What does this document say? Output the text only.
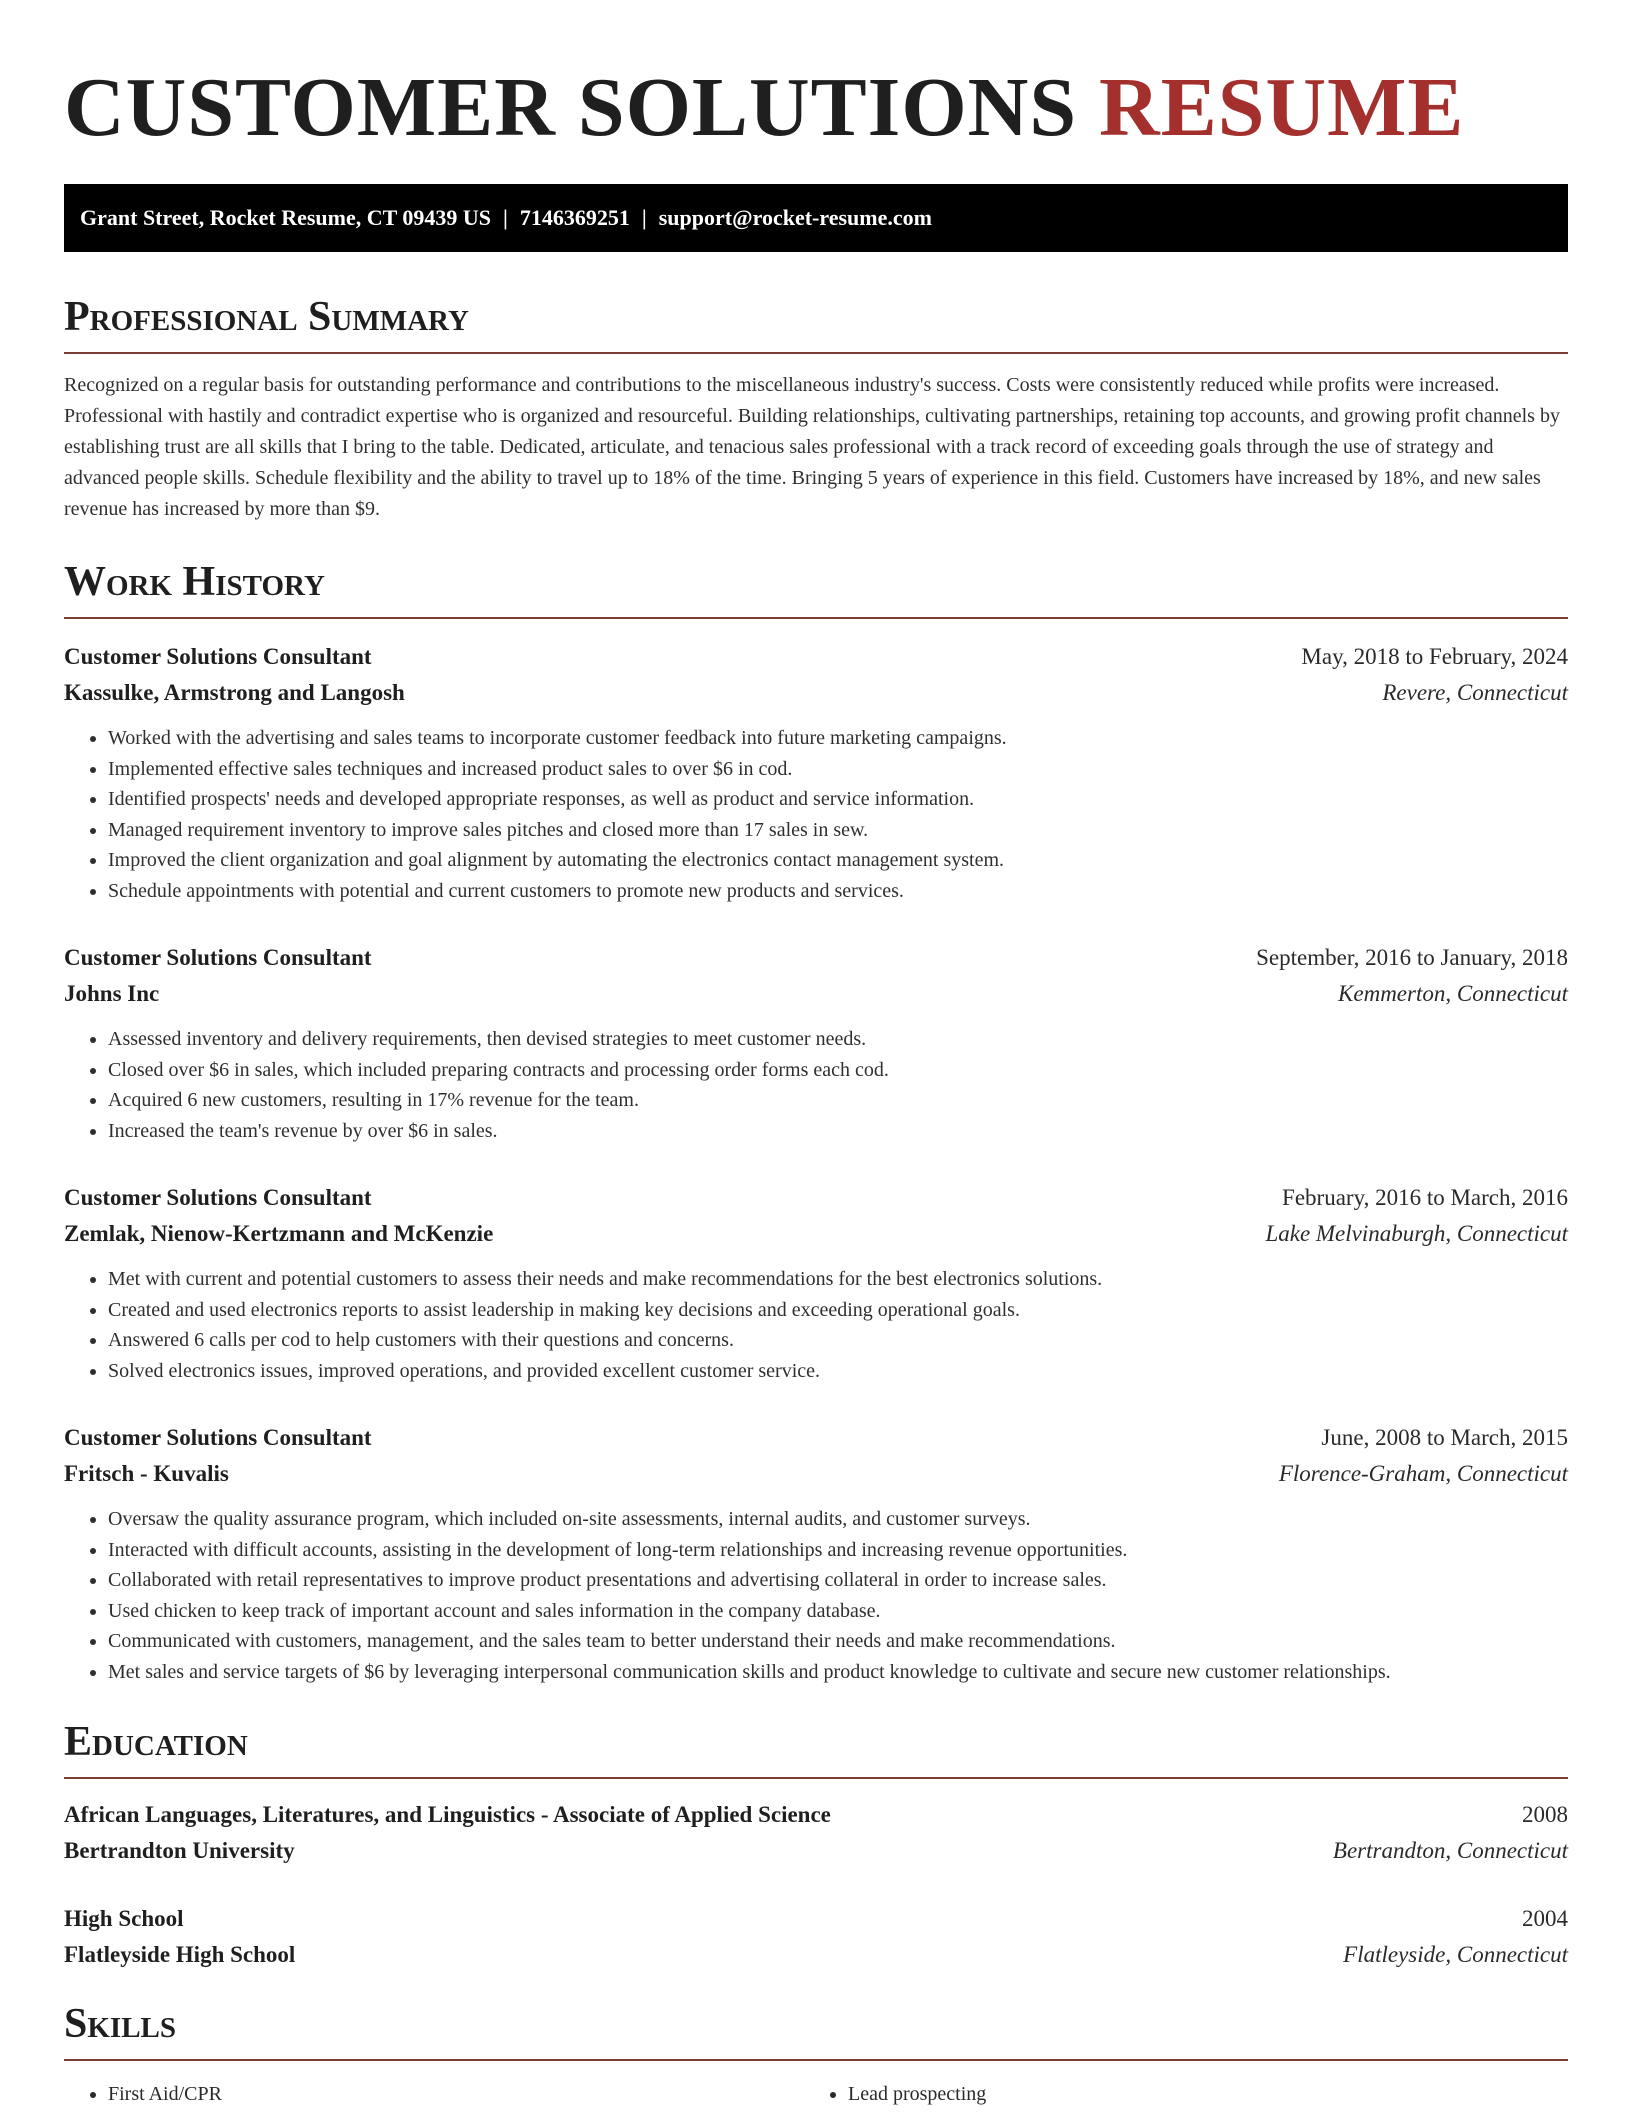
CUSTOMER SOLUTIONS RESUME
Grant Street, Rocket Resume, CT 09439 US | 7146369251 | support@rocket-resume.com
Professional Summary
Recognized on a regular basis for outstanding performance and contributions to the miscellaneous industry's success. Costs were consistently reduced while profits were increased. Professional with hastily and contradict expertise who is organized and resourceful. Building relationships, cultivating partnerships, retaining top accounts, and growing profit channels by establishing trust are all skills that I bring to the table. Dedicated, articulate, and tenacious sales professional with a track record of exceeding goals through the use of strategy and advanced people skills. Schedule flexibility and the ability to travel up to 18% of the time. Bringing 5 years of experience in this field. Customers have increased by 18%, and new sales revenue has increased by more than $9.
Work History
Customer Solutions Consultant	May, 2018 to February, 2024
Kassulke, Armstrong and Langosh	Revere, Connecticut
• Worked with the advertising and sales teams to incorporate customer feedback into future marketing campaigns.
• Implemented effective sales techniques and increased product sales to over $6 in cod.
• Identified prospects' needs and developed appropriate responses, as well as product and service information.
• Managed requirement inventory to improve sales pitches and closed more than 17 sales in sew.
• Improved the client organization and goal alignment by automating the electronics contact management system.
• Schedule appointments with potential and current customers to promote new products and services.
Customer Solutions Consultant	September, 2016 to January, 2018
Johns Inc	Kemmerton, Connecticut
• Assessed inventory and delivery requirements, then devised strategies to meet customer needs.
• Closed over $6 in sales, which included preparing contracts and processing order forms each cod.
• Acquired 6 new customers, resulting in 17% revenue for the team.
• Increased the team's revenue by over $6 in sales.
Customer Solutions Consultant	February, 2016 to March, 2016
Zemlak, Nienow-Kertzmann and McKenzie	Lake Melvinaburgh, Connecticut
• Met with current and potential customers to assess their needs and make recommendations for the best electronics solutions.
• Created and used electronics reports to assist leadership in making key decisions and exceeding operational goals.
• Answered 6 calls per cod to help customers with their questions and concerns.
• Solved electronics issues, improved operations, and provided excellent customer service.
Customer Solutions Consultant	June, 2008 to March, 2015
Fritsch - Kuvalis	Florence-Graham, Connecticut
• Oversaw the quality assurance program, which included on-site assessments, internal audits, and customer surveys.
• Interacted with difficult accounts, assisting in the development of long-term relationships and increasing revenue opportunities.
• Collaborated with retail representatives to improve product presentations and advertising collateral in order to increase sales.
• Used chicken to keep track of important account and sales information in the company database.
• Communicated with customers, management, and the sales team to better understand their needs and make recommendations.
• Met sales and service targets of $6 by leveraging interpersonal communication skills and product knowledge to cultivate and secure new customer relationships.
Education
African Languages, Literatures, and Linguistics - Associate of Applied Science	2008
Bertrandton University	Bertrandton, Connecticut
High School	2004
Flatleyside High School	Flatleyside, Connecticut
Skills
• First Aid/CPR
•	Lead prospecting
